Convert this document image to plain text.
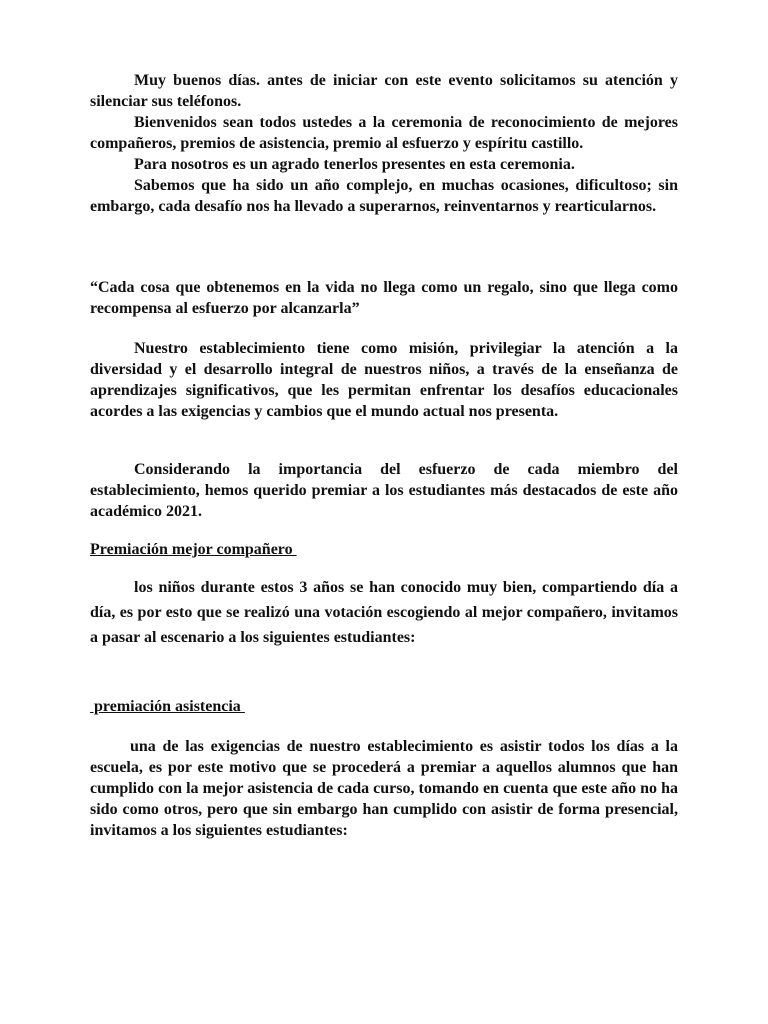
Muy buenos días. antes de iniciar con este evento solicitamos su atención y silenciar sus teléfonos.

Bienvenidos sean todos ustedes a la ceremonia de reconocimiento de mejores compañeros, premios de asistencia, premio al esfuerzo y espíritu castillo.

Para nosotros es un agrado tenerlos presentes en esta ceremonia.

Sabemos que ha sido un año complejo, en muchas ocasiones, dificultoso; sin embargo, cada desafío nos ha llevado a superarnos, reinventarnos y rearticularnos.

“Cada cosa que obtenemos en la vida no llega como un regalo, sino que llega como recompensa al esfuerzo por alcanzarla”

Nuestro establecimiento tiene como misión, privilegiar la atención a la diversidad y el desarrollo integral de nuestros niños, a través de la enseñanza de aprendizajes significativos, que les permitan enfrentar los desafíos educacionales acordes a las exigencias y cambios que el mundo actual nos presenta.

Considerando la importancia del esfuerzo de cada miembro del establecimiento, hemos querido premiar a los estudiantes más destacados de este año académico 2021.

Premiación mejor compañero

los niños durante estos 3 años se han conocido muy bien, compartiendo día a día, es por esto que se realizó una votación escogiendo al mejor compañero, invitamos a pasar al escenario a los siguientes estudiantes:

premiación asistencia

una de las exigencias de nuestro establecimiento es asistir todos los días a la escuela, es por este motivo que se procederá a premiar a aquellos alumnos que han cumplido con la mejor asistencia de cada curso, tomando en cuenta que este año no ha sido como otros, pero que sin embargo han cumplido con asistir de forma presencial, invitamos a los siguientes estudiantes:
